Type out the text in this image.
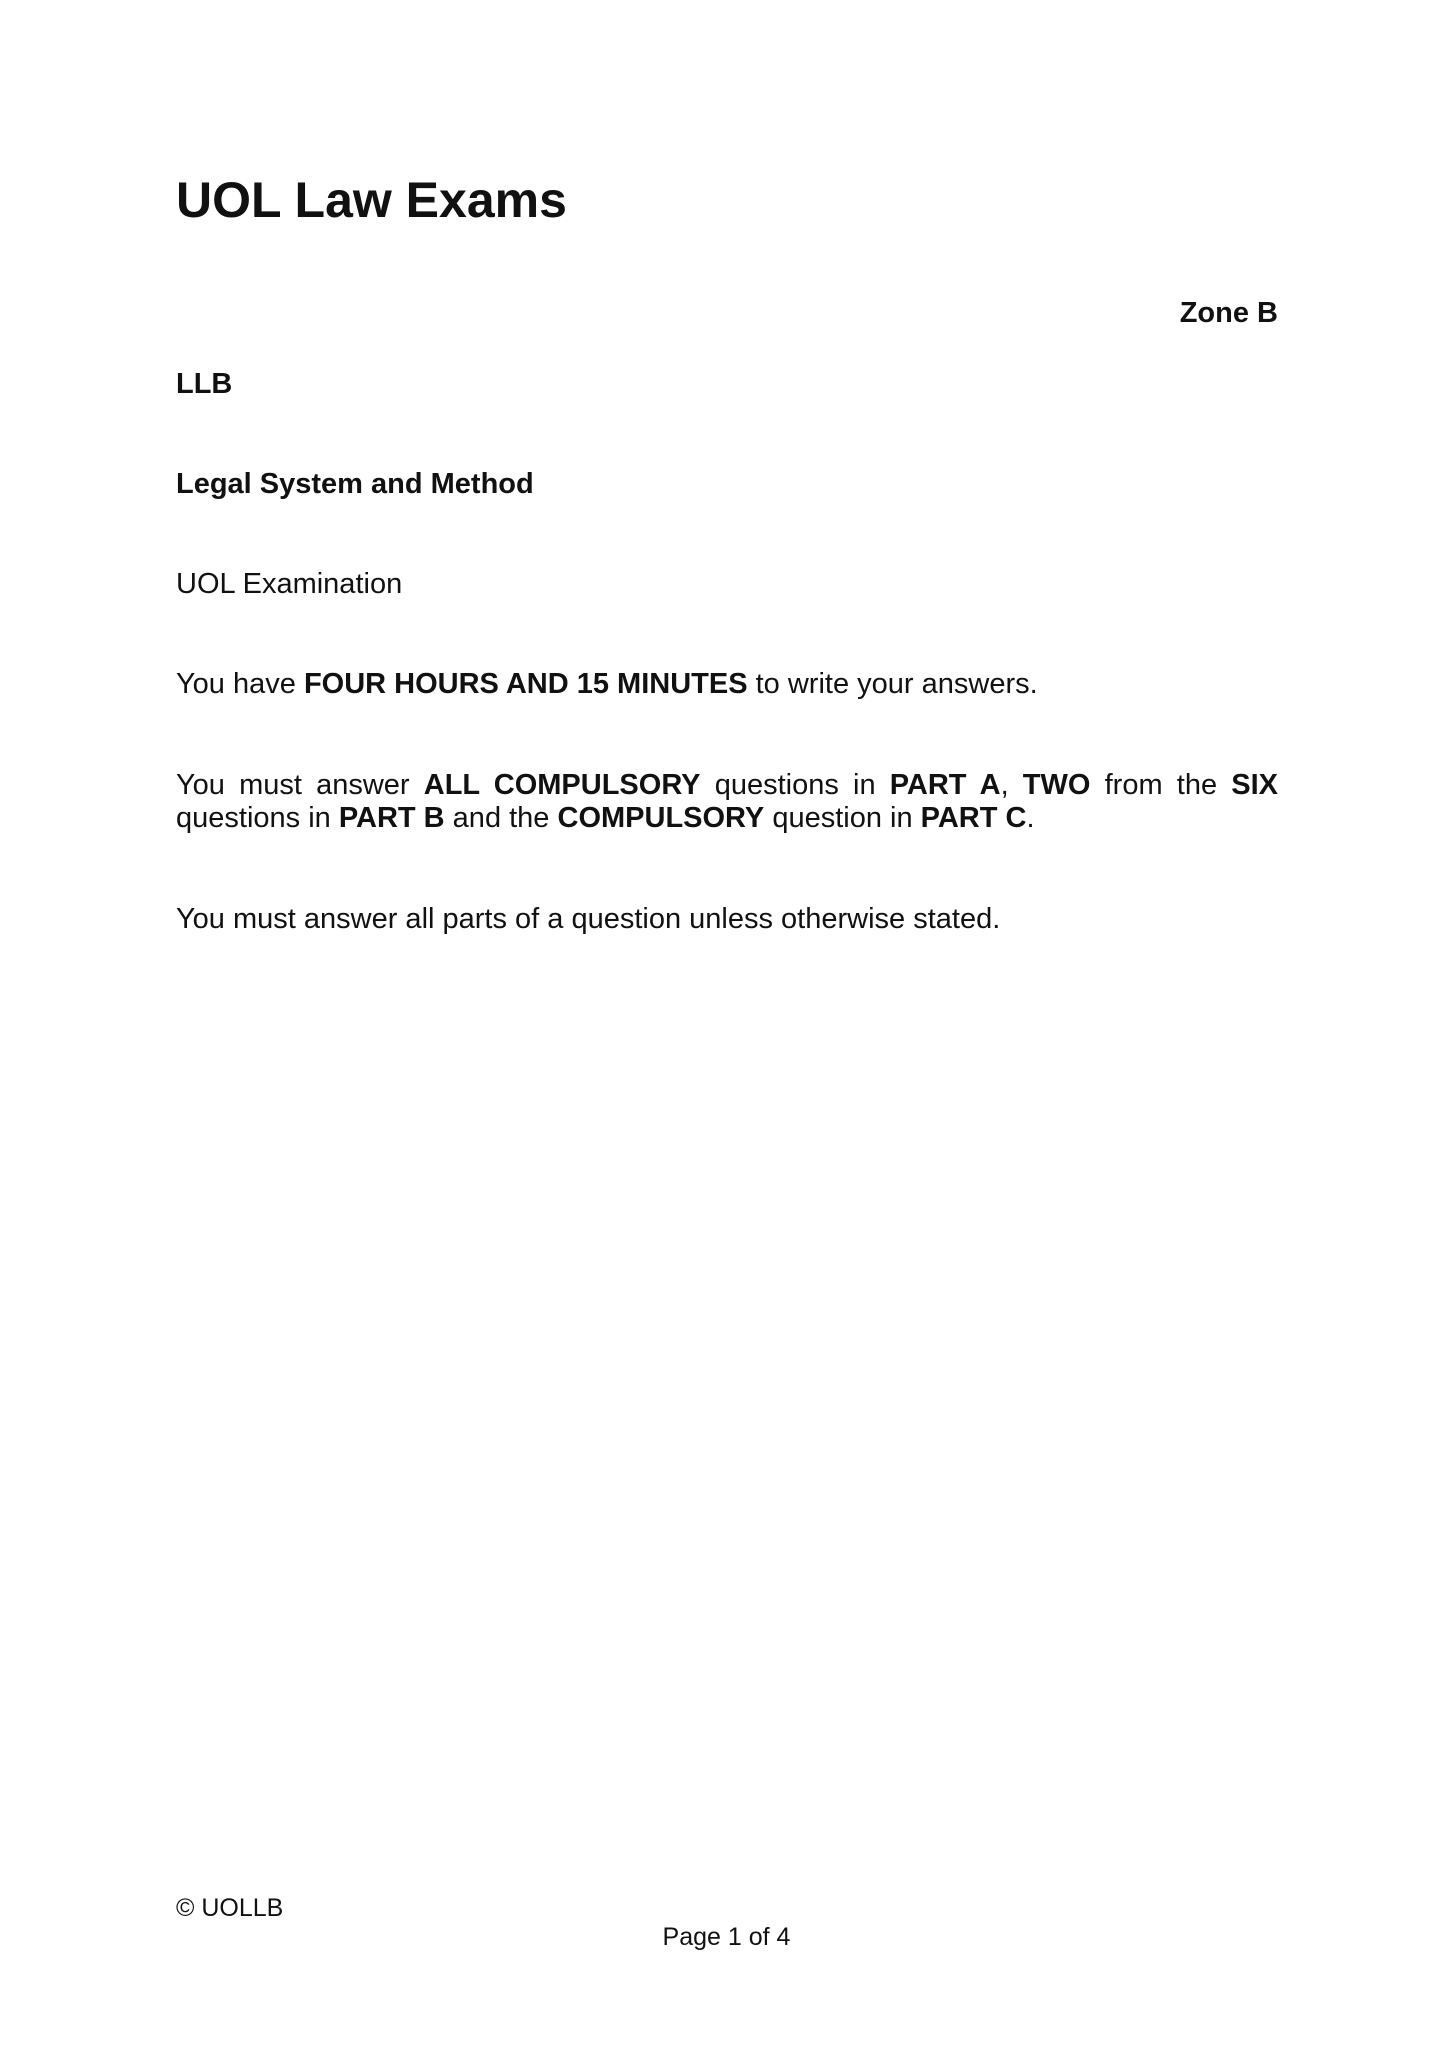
UOL Law Exams
Zone B
LLB
Legal System and Method
UOL Examination
You have FOUR HOURS AND 15 MINUTES to write your answers.
You must answer ALL COMPULSORY questions in PART A, TWO from the SIX questions in PART B and the COMPULSORY question in PART C.
You must answer all parts of a question unless otherwise stated.
© UOLLB
Page 1 of 4
